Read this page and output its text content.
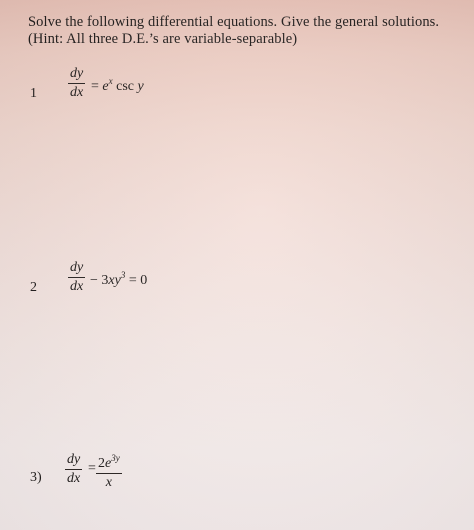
Solve the following differential equations. Give the general solutions.
(Hint: All three D.E.’s are variable-separable)
1
dy
dx = $e^x$ csc y
2
dy
dx − $3xy^3 = 0$
3)
dy
dx
= $2e^{3y}$
x
